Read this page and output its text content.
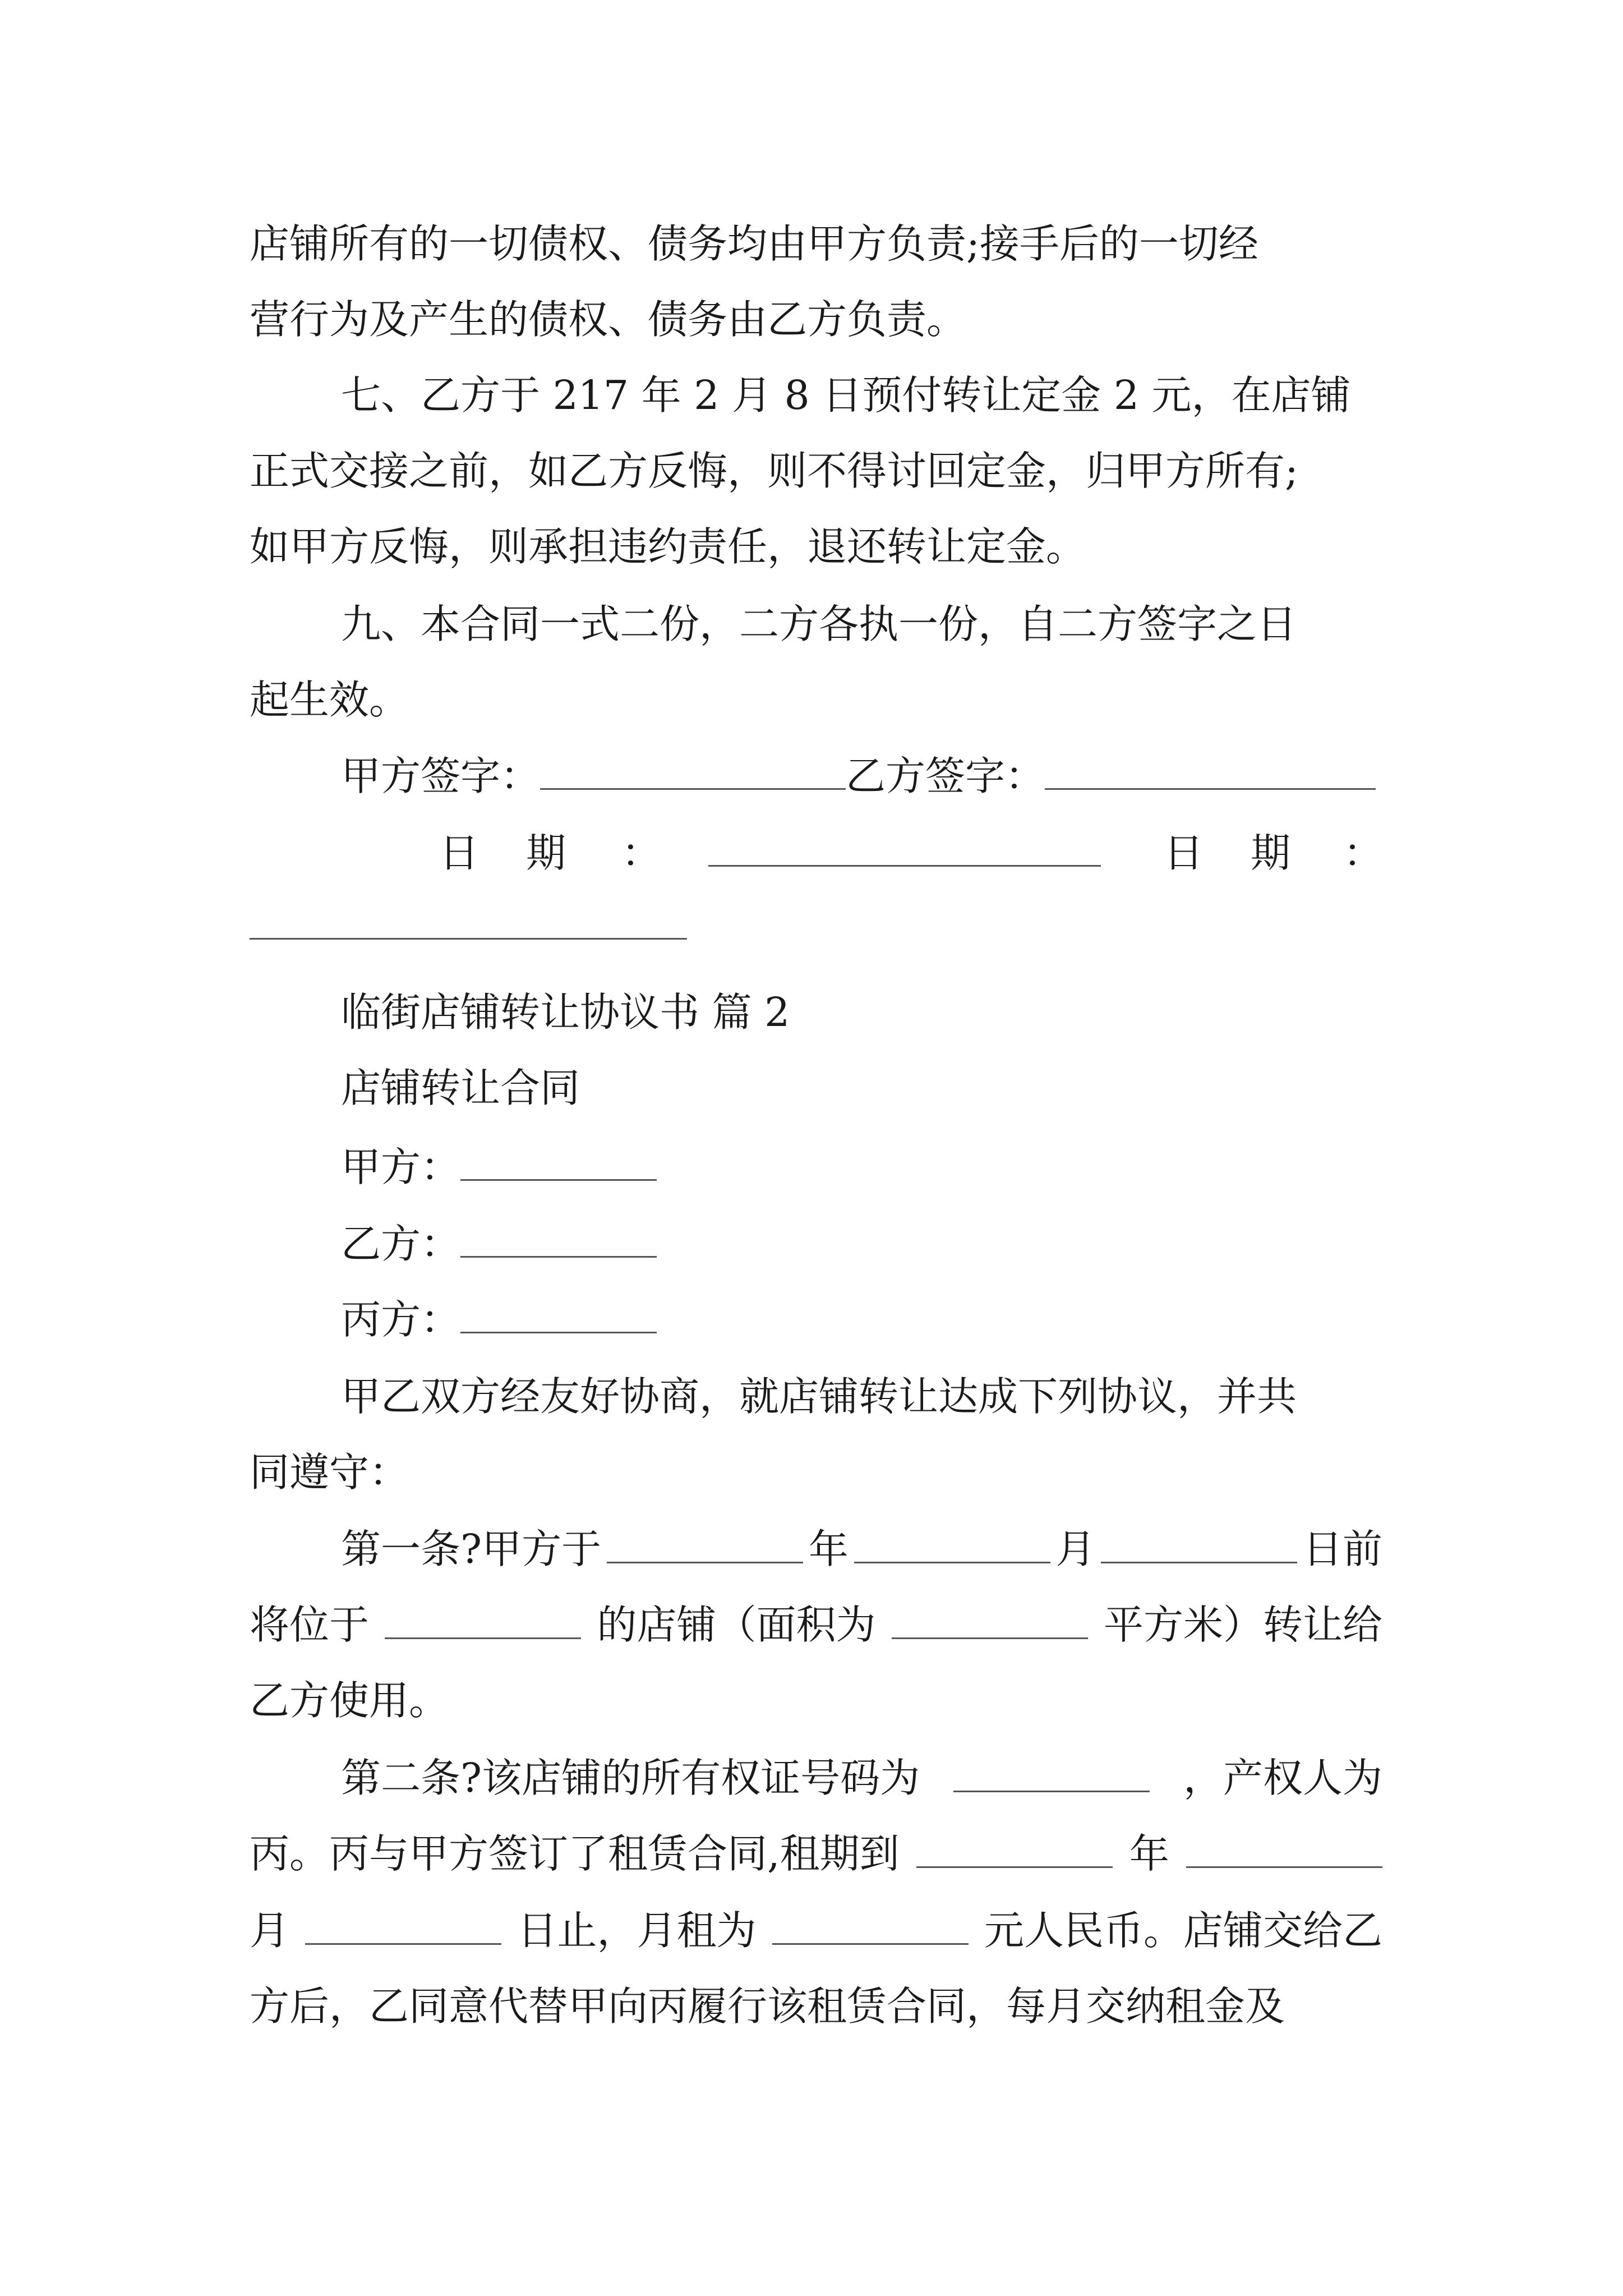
店铺所有的一切债权、债务均由甲方负责;接手后的一切经
营行为及产生的债权、债务由乙方负责。
七、乙方于 217 年 2 月 8 日预付转让定金 2 元，在店铺
正式交接之前，如乙方反悔，则不得讨回定金，归甲方所有;
如甲方反悔，则承担违约责任，退还转让定金。
九、本合同一式二份，二方各执一份，自二方签字之日
起生效。
甲方签字：	乙方签字：
日 期 ：	日 期 ：
临街店铺转让协议书 篇 2
店铺转让合同
甲方：
乙方：
丙方：
甲乙双方经友好协商，就店铺转让达成下列协议，并共
同遵守：
第一条?甲方于	年	月	日前
将位于	的店铺（面积为	平方米）转让给
乙方使用。
第二条?该店铺的所有权证号码为	，产权人为
丙。丙与甲方签订了租赁合同,租期到	年
月	日止，月租为	元人民币。店铺交给乙
方后，乙同意代替甲向丙履行该租赁合同，每月交纳租金及
